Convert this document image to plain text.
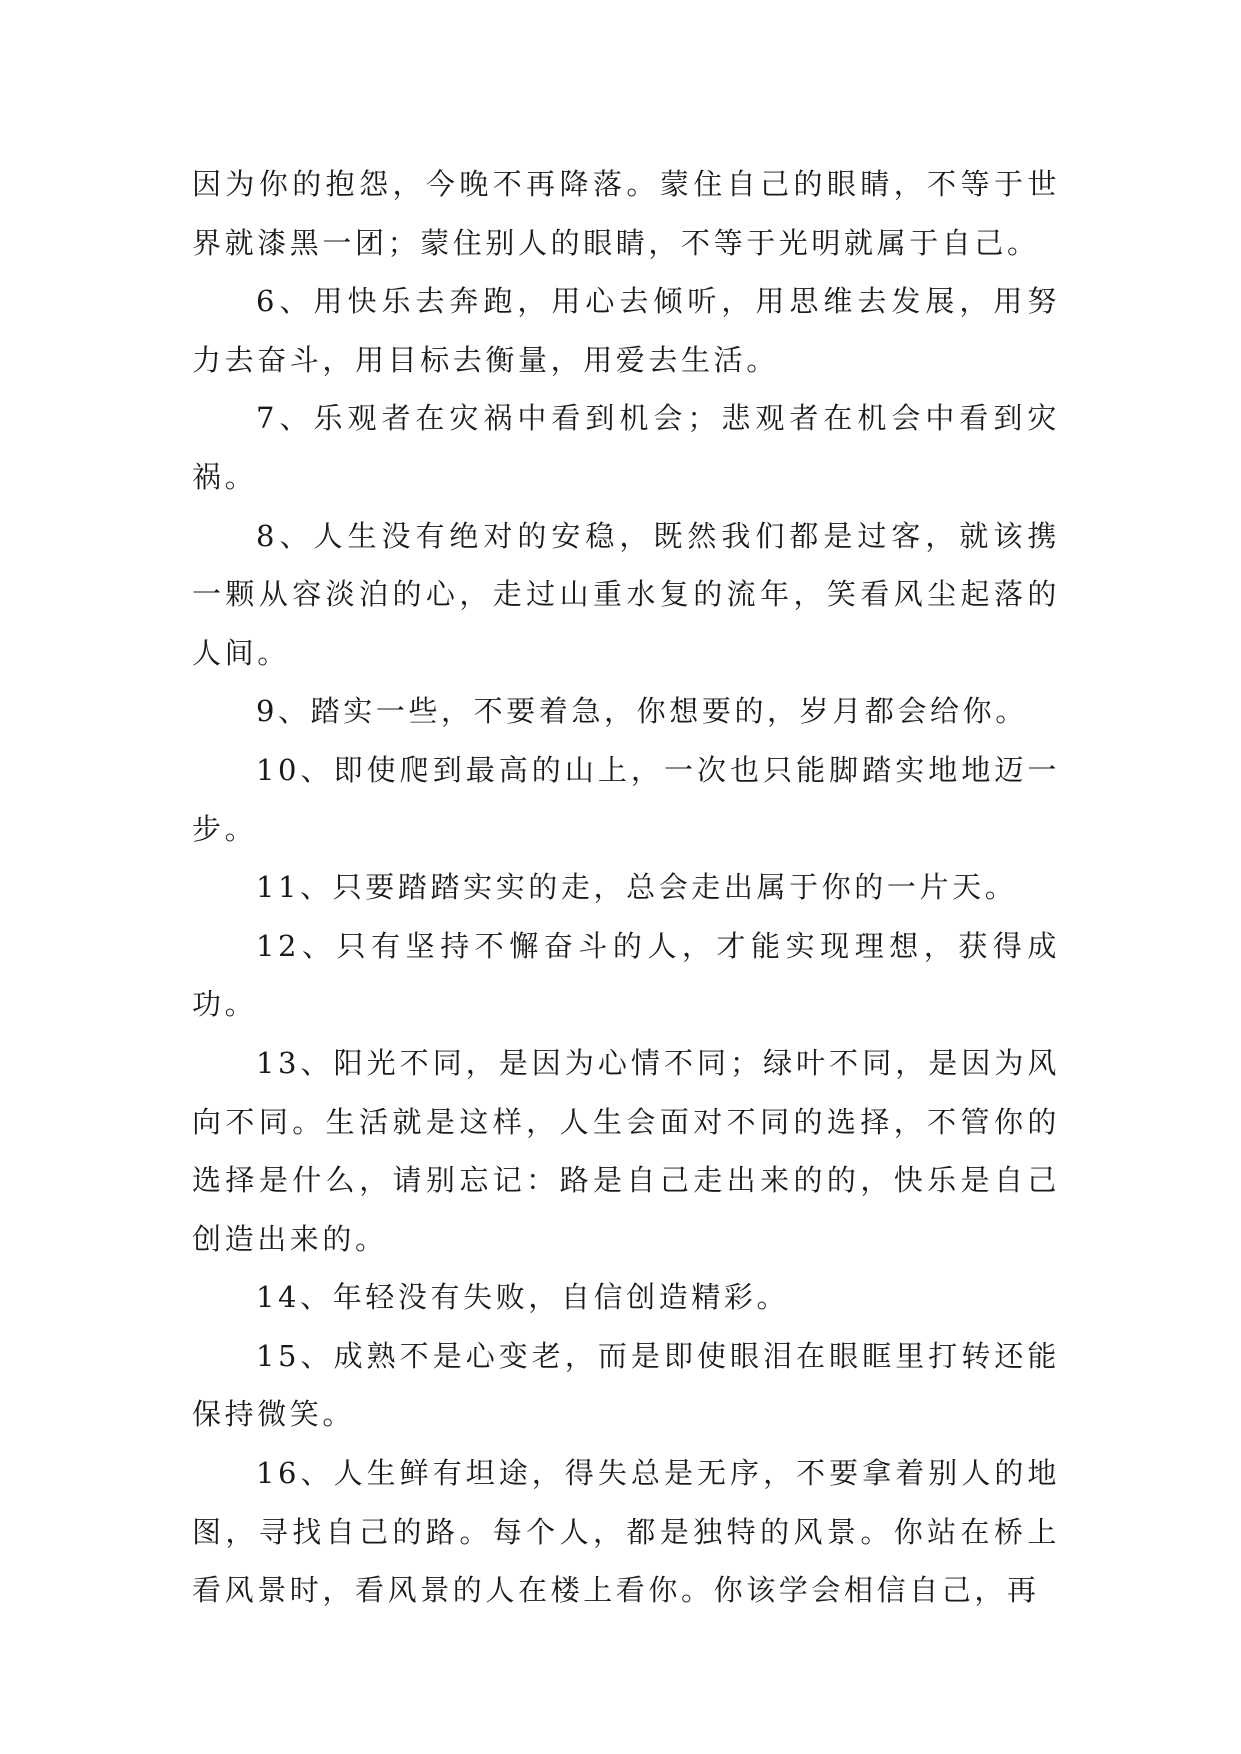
因为你的抱怨，今晚不再降落。蒙住自己的眼睛，不等于世界就漆黑一团；蒙住别人的眼睛，不等于光明就属于自己。

6、用快乐去奔跑，用心去倾听，用思维去发展，用努力去奋斗，用目标去衡量，用爱去生活。

7、乐观者在灾祸中看到机会；悲观者在机会中看到灾祸。

8、人生没有绝对的安稳，既然我们都是过客，就该携一颗从容淡泊的心，走过山重水复的流年，笑看风尘起落的人间。

9、踏实一些，不要着急，你想要的，岁月都会给你。

10、即使爬到最高的山上，一次也只能脚踏实地地迈一步。

11、只要踏踏实实的走，总会走出属于你的一片天。

12、只有坚持不懈奋斗的人，才能实现理想，获得成功。

13、阳光不同，是因为心情不同；绿叶不同，是因为风向不同。生活就是这样，人生会面对不同的选择，不管你的选择是什么，请别忘记：路是自己走出来的的，快乐是自己创造出来的。

14、年轻没有失败，自信创造精彩。

15、成熟不是心变老，而是即使眼泪在眼眶里打转还能保持微笑。

16、人生鲜有坦途，得失总是无序，不要拿着别人的地图，寻找自己的路。每个人，都是独特的风景。你站在桥上看风景时，看风景的人在楼上看你。你该学会相信自己，再
